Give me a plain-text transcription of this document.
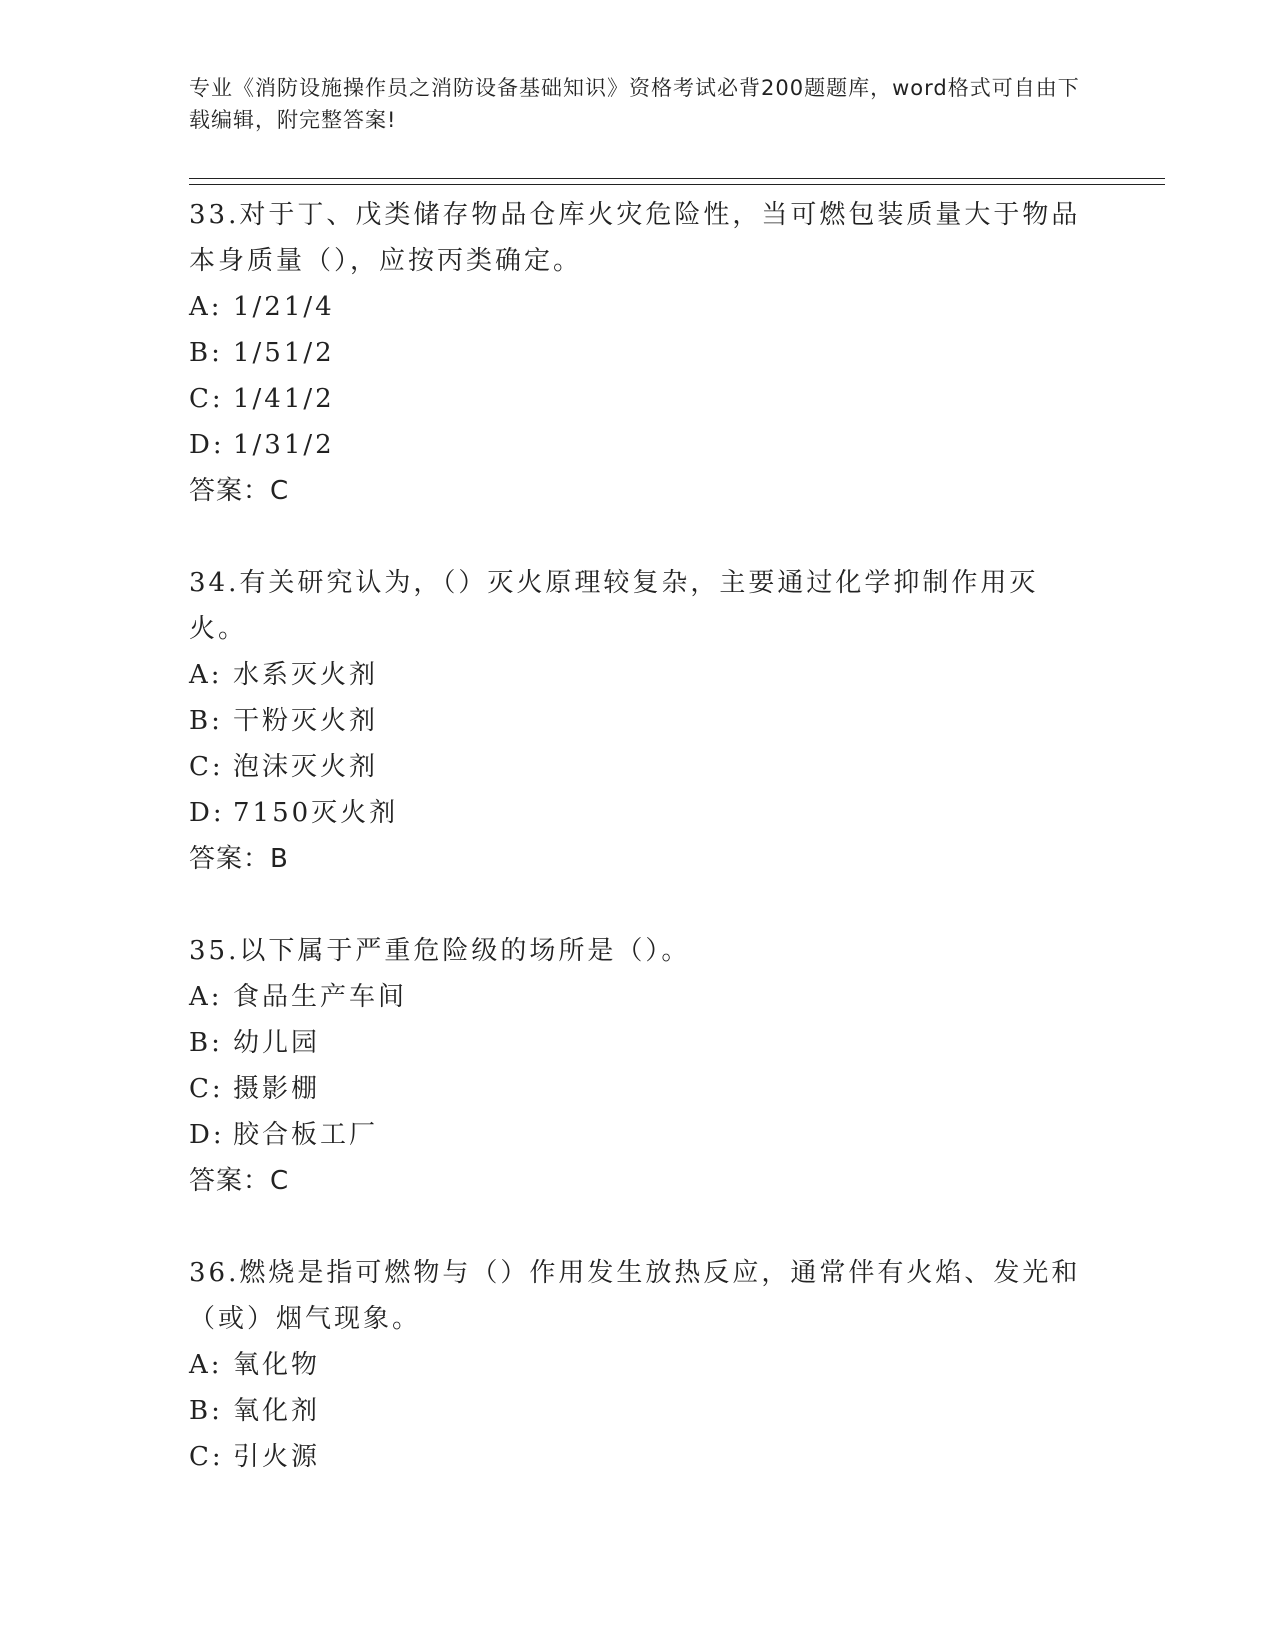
专业《消防设施操作员之消防设备基础知识》资格考试必背200题题库，word格式可自由下载编辑，附完整答案!
33.对于丁、戊类储存物品仓库火灾危险性，当可燃包装质量大于物品本身质量（），应按丙类确定。
A: 1/21/4
B: 1/51/2
C: 1/41/2
D: 1/31/2
答案：C
34.有关研究认为，（）灭火原理较复杂，主要通过化学抑制作用灭火。
A: 水系灭火剂
B: 干粉灭火剂
C: 泡沫灭火剂
D: 7150灭火剂
答案：B
35.以下属于严重危险级的场所是（）。
A: 食品生产车间
B: 幼儿园
C: 摄影棚
D: 胶合板工厂
答案：C
36.燃烧是指可燃物与（）作用发生放热反应，通常伴有火焰、发光和（或）烟气现象。
A: 氧化物
B: 氧化剂
C: 引火源
